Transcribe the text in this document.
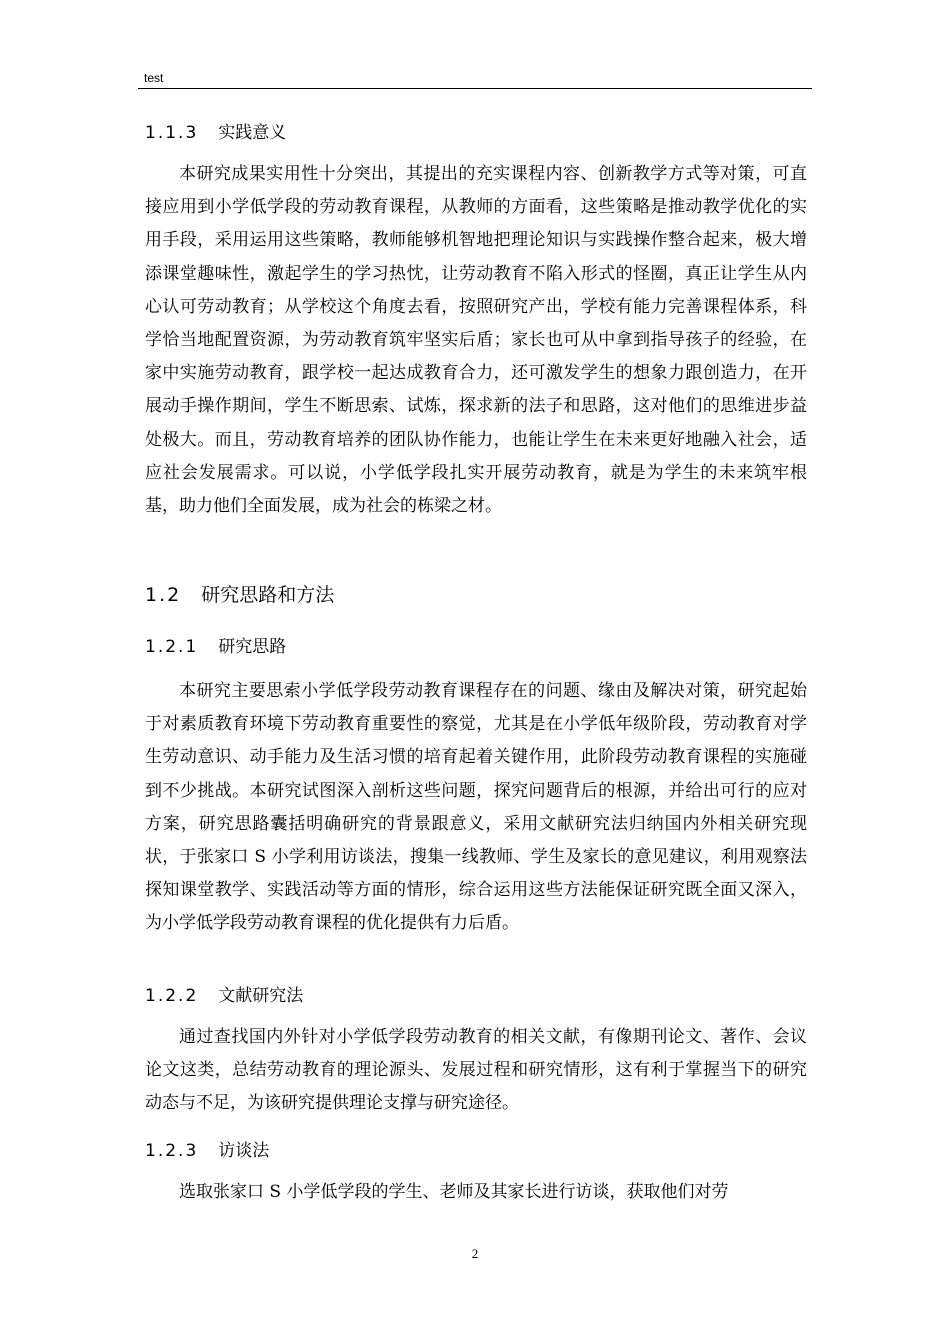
test
1.1.3 实践意义

本研究成果实用性十分突出，其提出的充实课程内容、创新教学方式等对策，可直接应用到小学低学段的劳动教育课程，从教师的方面看，这些策略是推动教学优化的实用手段，采用运用这些策略，教师能够机智地把理论知识与实践操作整合起来，极大增添课堂趣味性，激起学生的学习热忱，让劳动教育不陷入形式的怪圈，真正让学生从内心认可劳动教育；从学校这个角度去看，按照研究产出，学校有能力完善课程体系，科学恰当地配置资源，为劳动教育筑牢坚实后盾；家长也可从中拿到指导孩子的经验，在家中实施劳动教育，跟学校一起达成教育合力，还可激发学生的想象力跟创造力，在开展动手操作期间，学生不断思索、试炼，探求新的法子和思路，这对他们的思维进步益处极大。而且，劳动教育培养的团队协作能力，也能让学生在未来更好地融入社会，适应社会发展需求。可以说，小学低学段扎实开展劳动教育，就是为学生的未来筑牢根基，助力他们全面发展，成为社会的栋梁之材。

1.2 研究思路和方法
1.2.1 研究思路

本研究主要思索小学低学段劳动教育课程存在的问题、缘由及解决对策，研究起始于对素质教育环境下劳动教育重要性的察觉，尤其是在小学低年级阶段，劳动教育对学生劳动意识、动手能力及生活习惯的培育起着关键作用，此阶段劳动教育课程的实施碰到不少挑战。本研究试图深入剖析这些问题，探究问题背后的根源，并给出可行的应对方案，研究思路囊括明确研究的背景跟意义，采用文献研究法归纳国内外相关研究现状，于张家口 S 小学利用访谈法，搜集一线教师、学生及家长的意见建议，利用观察法探知课堂教学、实践活动等方面的情形，综合运用这些方法能保证研究既全面又深入，为小学低学段劳动教育课程的优化提供有力后盾。

1.2.2 文献研究法

通过查找国内外针对小学低学段劳动教育的相关文献，有像期刊论文、著作、会议论文这类，总结劳动教育的理论源头、发展过程和研究情形，这有利于掌握当下的研究动态与不足，为该研究提供理论支撑与研究途径。

1.2.3 访谈法

选取张家口 S 小学低学段的学生、老师及其家长进行访谈，获取他们对劳

2
